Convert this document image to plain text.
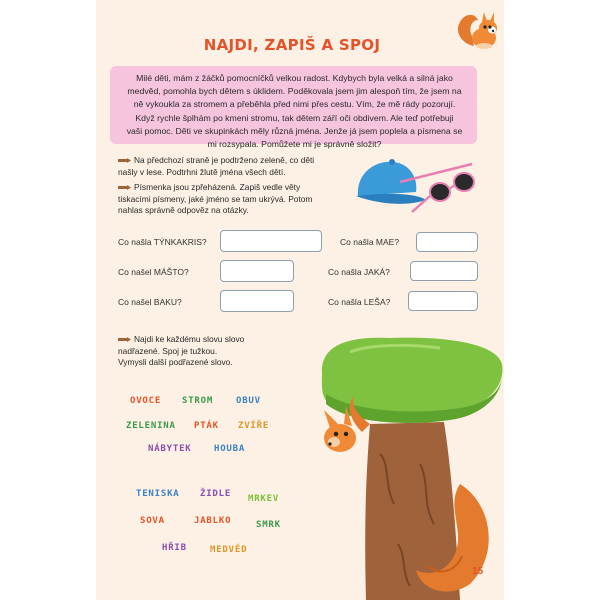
NAJDI, ZAPIŠ A SPOJ
Milé děti, mám z žáčků pomocníčků velkou radost. Kdybych byla velká a silná jako
medvěd, pomohla bych dětem s úklidem. Poděkovala jsem jim alespoň tím, že jsem na
ně vykoukla za stromem a přeběhla před nimi přes cestu. Vím, že mě rády pozorují.
Když rychle šplhám po kmeni stromu, tak dětem září oči obdivem. Ale teď potřebuji
vaši pomoc. Děti ve skupinkách měly různá jména. Jenže já jsem poplela a písmena se
mi rozsypala. Pomůžete mi je správně složit?
Na předchozí straně je podtrženo zeleně, co děti
našly v lese. Podtrhni žlutě jména všech dětí.
Písmenka jsou zpřeházená. Zapiš vedle věty
tiskacími písmeny, jaké jméno se tam ukrývá. Potom
nahlas správně odpověz na otázky.
Co našla TÝNKAKRIS?	Co našla MAE?
Co našel MÁŠTO?	Co našla JAKÁ?
Co našel BAKU?	Co našla LEŠA?
Najdi ke každému slovu slovo
nadřazené. Spoj je tužkou.
Vymysli další podřazené slovo.
OVOCE STROM	OBUV
ZELENINA PTÁK ZVÍŘE
NÁBYTEK HOUBA
TENISKA ŽIDLE MRKEV
SOVA	JABLKO	SMRK
HŘIB	MEDVĚD
15
